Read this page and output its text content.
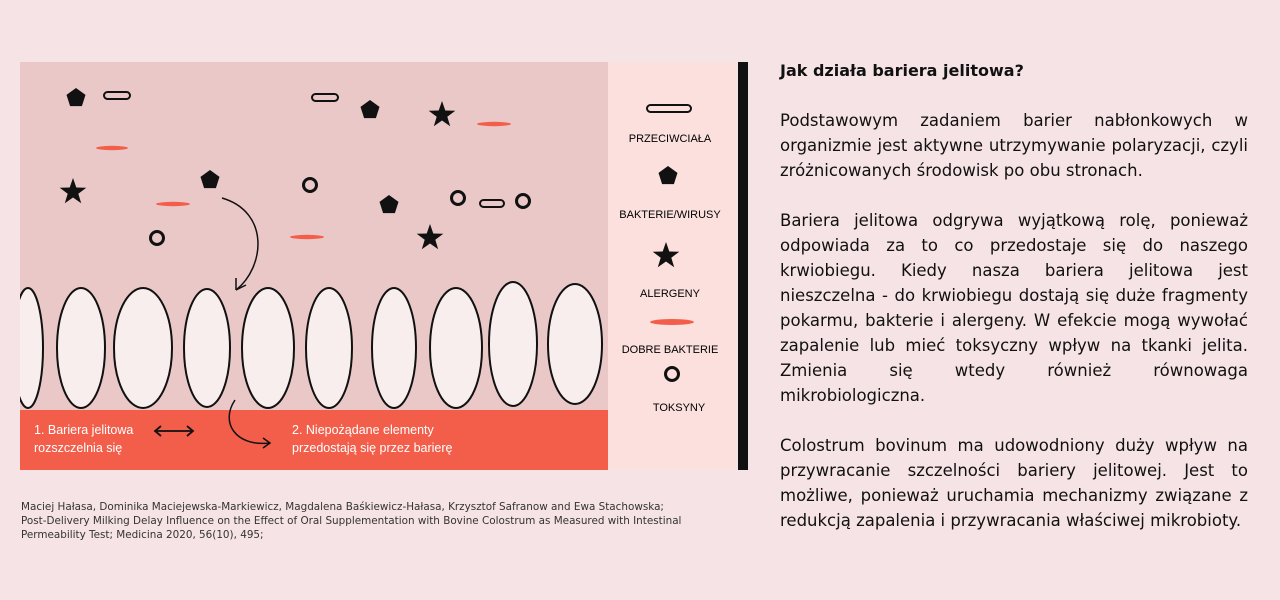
1. Bariera jelitowa rozszczelnia się
2. Niepożądane elementy przedostają się przez barierę
PRZECIWCIAŁA
BAKTERIE/WIRUSY
ALERGENY
DOBRE BAKTERIE
TOKSYNY
Maciej Hałasa, Dominika Maciejewska-Markiewicz, Magdalena Baśkiewicz-Hałasa, Krzysztof Safranow and Ewa Stachowska;
Post-Delivery Milking Delay Influence on the Effect of Oral Supplementation with Bovine Colostrum as Measured with Intestinal
Permeability Test; Medicina 2020, 56(10), 495;
Jak działa bariera jelitowa?

Podstawowym zadaniem barier nabłonkowych w organizmie jest aktywne utrzymywanie polaryzacji, czyli zróżnicowanych środowisk po obu stronach.

Bariera jelitowa odgrywa wyjątkową rolę, ponieważ odpowiada za to co przedostaje się do naszego krwiobiegu. Kiedy nasza bariera jelitowa jest nieszczelna - do krwiobiegu dostają się duże fragmenty pokarmu, bakterie i alergeny. W efekcie mogą wywołać zapalenie lub mieć toksyczny wpływ na tkanki jelita. Zmienia się wtedy również równowaga mikrobiologiczna.

Colostrum bovinum ma udowodniony duży wpływ na przywracanie szczelności bariery jelitowej. Jest to możliwe, ponieważ uruchamia mechanizmy związane z redukcją zapalenia i przywracania właściwej mikrobioty.
